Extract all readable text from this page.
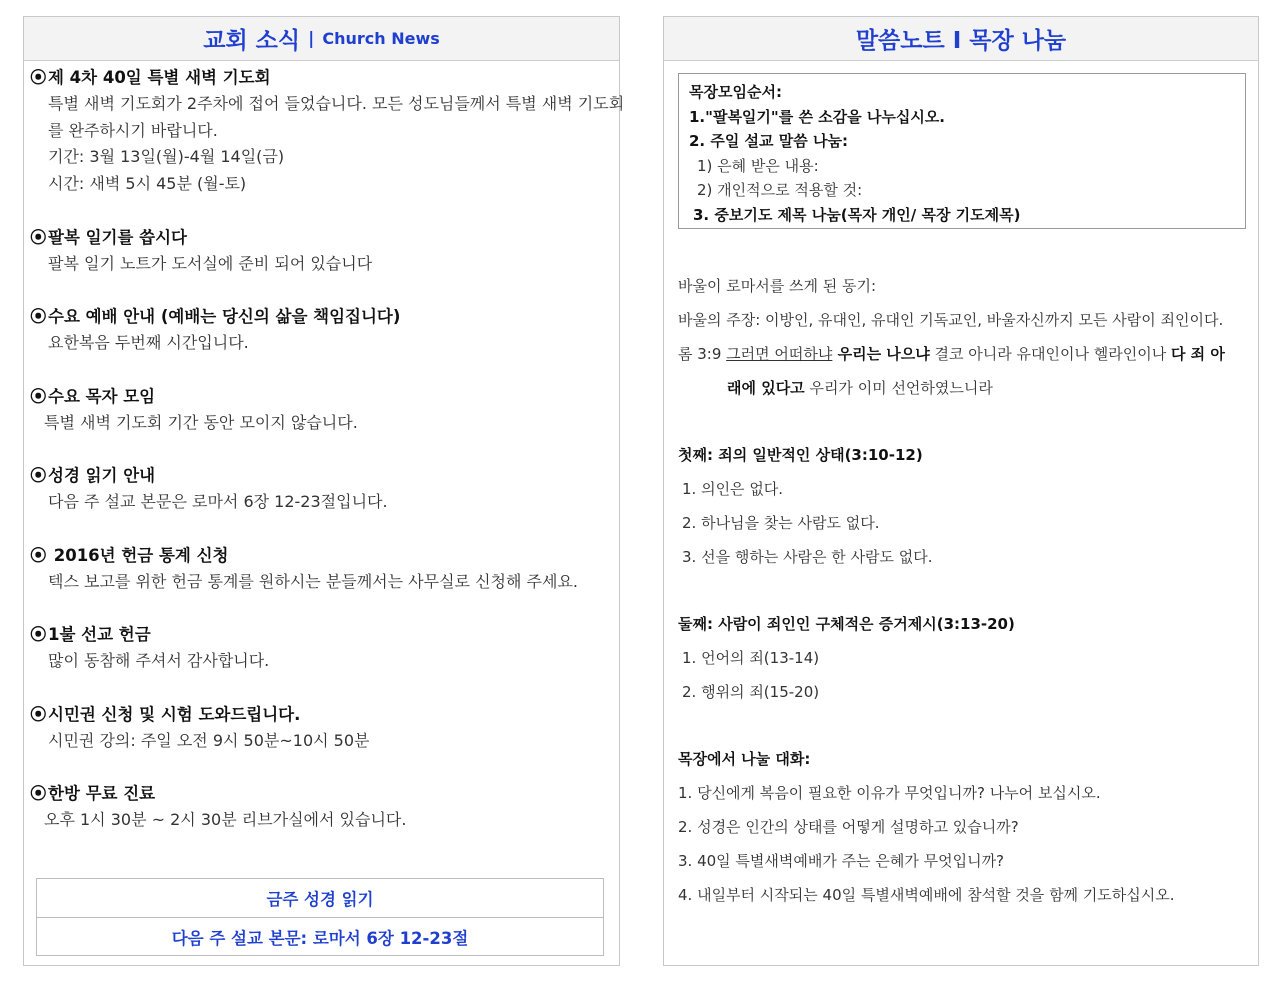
교회 소식 | Church News
⦿제 4차 40일 특별 새벽 기도회
특별 새벽 기도회가 2주차에 접어 들었습니다. 모든 성도님들께서 특별 새벽 기도회
를 완주하시기 바랍니다.
기간: 3월 13일(월)-4월 14일(금)
시간: 새벽 5시 45분 (월-토)
⦿팔복 일기를 씁시다
팔복 일기 노트가 도서실에 준비 되어 있습니다
⦿수요 예배 안내 (예배는 당신의 삶을 책임집니다)
요한복음 두번째 시간입니다.
⦿수요 목자 모임
특별 새벽 기도회 기간 동안 모이지 않습니다.
⦿성경 읽기 안내
다음 주 설교 본문은 로마서 6장 12-23절입니다.
⦿ 2016년 헌금 통계 신청
텍스 보고를 위한 헌금 통계를 원하시는 분들께서는 사무실로 신청해 주세요.
⦿1불 선교 헌금
많이 동참해 주셔서 감사합니다.
⦿시민권 신청 및 시험 도와드립니다.
시민권 강의: 주일 오전 9시 50분~10시 50분
⦿한방 무료 진료
오후 1시 30분 ~ 2시 30분 리브가실에서 있습니다.
금주 성경 읽기
다음 주 설교 본문: 로마서 6장 12-23절
말씀노트 I 목장 나눔
목장모임순서:
1."팔복일기"를 쓴 소감을 나누십시오.
2. 주일 설교 말씀 나눔:
1) 은혜 받은 내용:
2) 개인적으로 적용할 것:
3. 중보기도 제목 나눔(목자 개인/ 목장 기도제목)
바울이 로마서를 쓰게 된 동기:
바울의 주장: 이방인, 유대인, 유대인 기독교인, 바울자신까지 모든 사람이 죄인이다.
롬 3:9 그러면 어떠하냐 우리는 나으냐 결코 아니라 유대인이나 헬라인이나 다 죄 아
래에 있다고 우리가 이미 선언하였느니라
첫째: 죄의 일반적인 상태(3:10-12)
1. 의인은 없다.
2. 하나님을 찾는 사람도 없다.
3. 선을 행하는 사람은 한 사람도 없다.
둘째: 사람이 죄인인 구체적은 증거제시(3:13-20)
1. 언어의 죄(13-14)
2. 행위의 죄(15-20)
목장에서 나눌 대화:
1. 당신에게 복음이 필요한 이유가 무엇입니까? 나누어 보십시오.
2. 성경은 인간의 상태를 어떻게 설명하고 있습니까?
3. 40일 특별새벽예배가 주는 은혜가 무엇입니까?
4. 내일부터 시작되는 40일 특별새벽예배에 참석할 것을 함께 기도하십시오.
